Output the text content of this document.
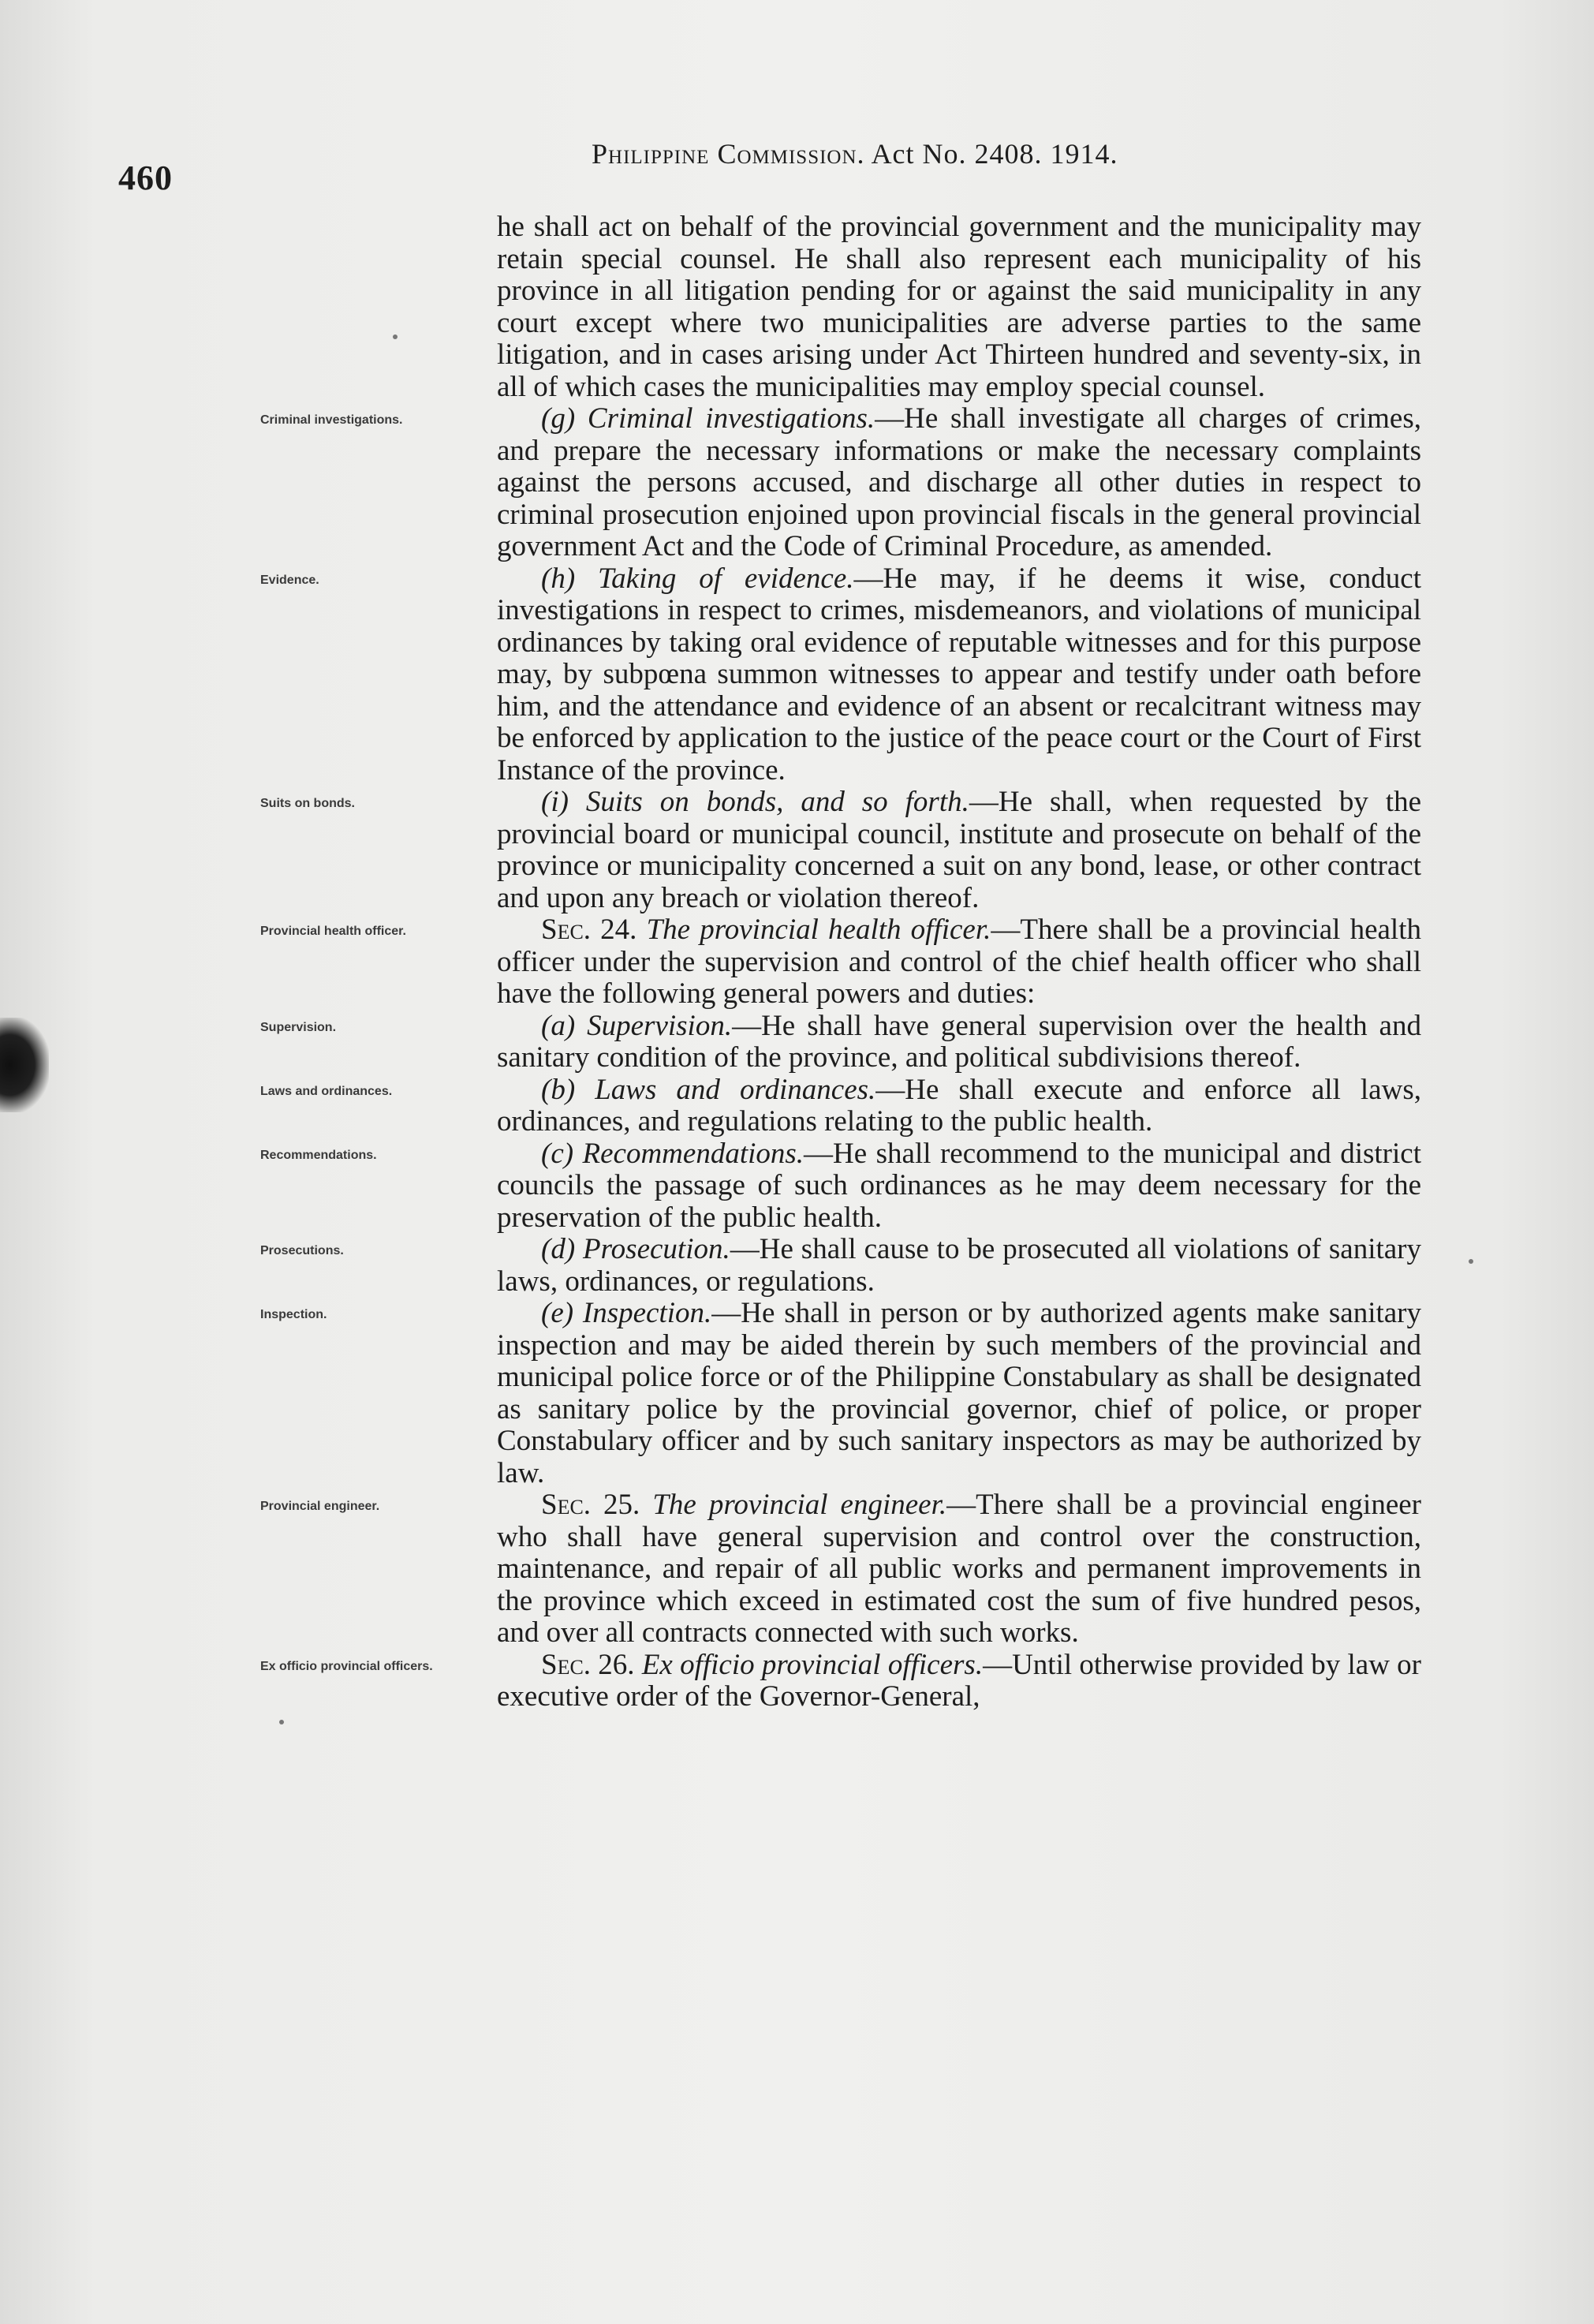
460
Philippine Commission. Act No. 2408. 1914.
he shall act on behalf of the provincial government and the municipality may retain special counsel. He shall also represent each municipality of his province in all litigation pending for or against the said municipality in any court except where two municipalities are adverse parties to the same litigation, and in cases arising under Act Thirteen hundred and seventy-six, in all of which cases the municipalities may employ special counsel.
Criminal investigations.	(g) Criminal investigations.—He shall investigate all charges of crimes, and prepare the necessary informations or make the necessary complaints against the persons accused, and discharge all other duties in respect to criminal prosecution enjoined upon provincial fiscals in the general provincial government Act and the Code of Criminal Procedure, as amended.
Evidence.	(h) Taking of evidence.—He may, if he deems it wise, conduct investigations in respect to crimes, misdemeanors, and violations of municipal ordinances by taking oral evidence of reputable witnesses and for this purpose may, by subpœna summon witnesses to appear and testify under oath before him, and the attendance and evidence of an absent or recalcitrant witness may be enforced by application to the justice of the peace court or the Court of First Instance of the province.
Suits on bonds.	(i) Suits on bonds, and so forth.—He shall, when requested by the provincial board or municipal council, institute and prosecute on behalf of the province or municipality concerned a suit on any bond, lease, or other contract and upon any breach or violation thereof.
Provincial health officer.	Sec. 24. The provincial health officer.—There shall be a provincial health officer under the supervision and control of the chief health officer who shall have the following general powers and duties:
Supervision.	(a) Supervision.—He shall have general supervision over the health and sanitary condition of the province, and political subdivisions thereof.
Laws and ordinances.	(b) Laws and ordinances.—He shall execute and enforce all laws, ordinances, and regulations relating to the public health.
Recommendations.	(c) Recommendations.—He shall recommend to the municipal and district councils the passage of such ordinances as he may deem necessary for the preservation of the public health.
Prosecutions.	(d) Prosecution.—He shall cause to be prosecuted all violations of sanitary laws, ordinances, or regulations.
Inspection.	(e) Inspection.—He shall in person or by authorized agents make sanitary inspection and may be aided therein by such members of the provincial and municipal police force or of the Philippine Constabulary as shall be designated as sanitary police by the provincial governor, chief of police, or proper Constabulary officer and by such sanitary inspectors as may be authorized by law.
Provincial engineer.	Sec. 25. The provincial engineer.—There shall be a provincial engineer who shall have general supervision and control over the construction, maintenance, and repair of all public works and permanent improvements in the province which exceed in estimated cost the sum of five hundred pesos, and over all contracts connected with such works.
Ex officio provincial officers.	Sec. 26. Ex officio provincial officers.—Until otherwise provided by law or executive order of the Governor-General,
